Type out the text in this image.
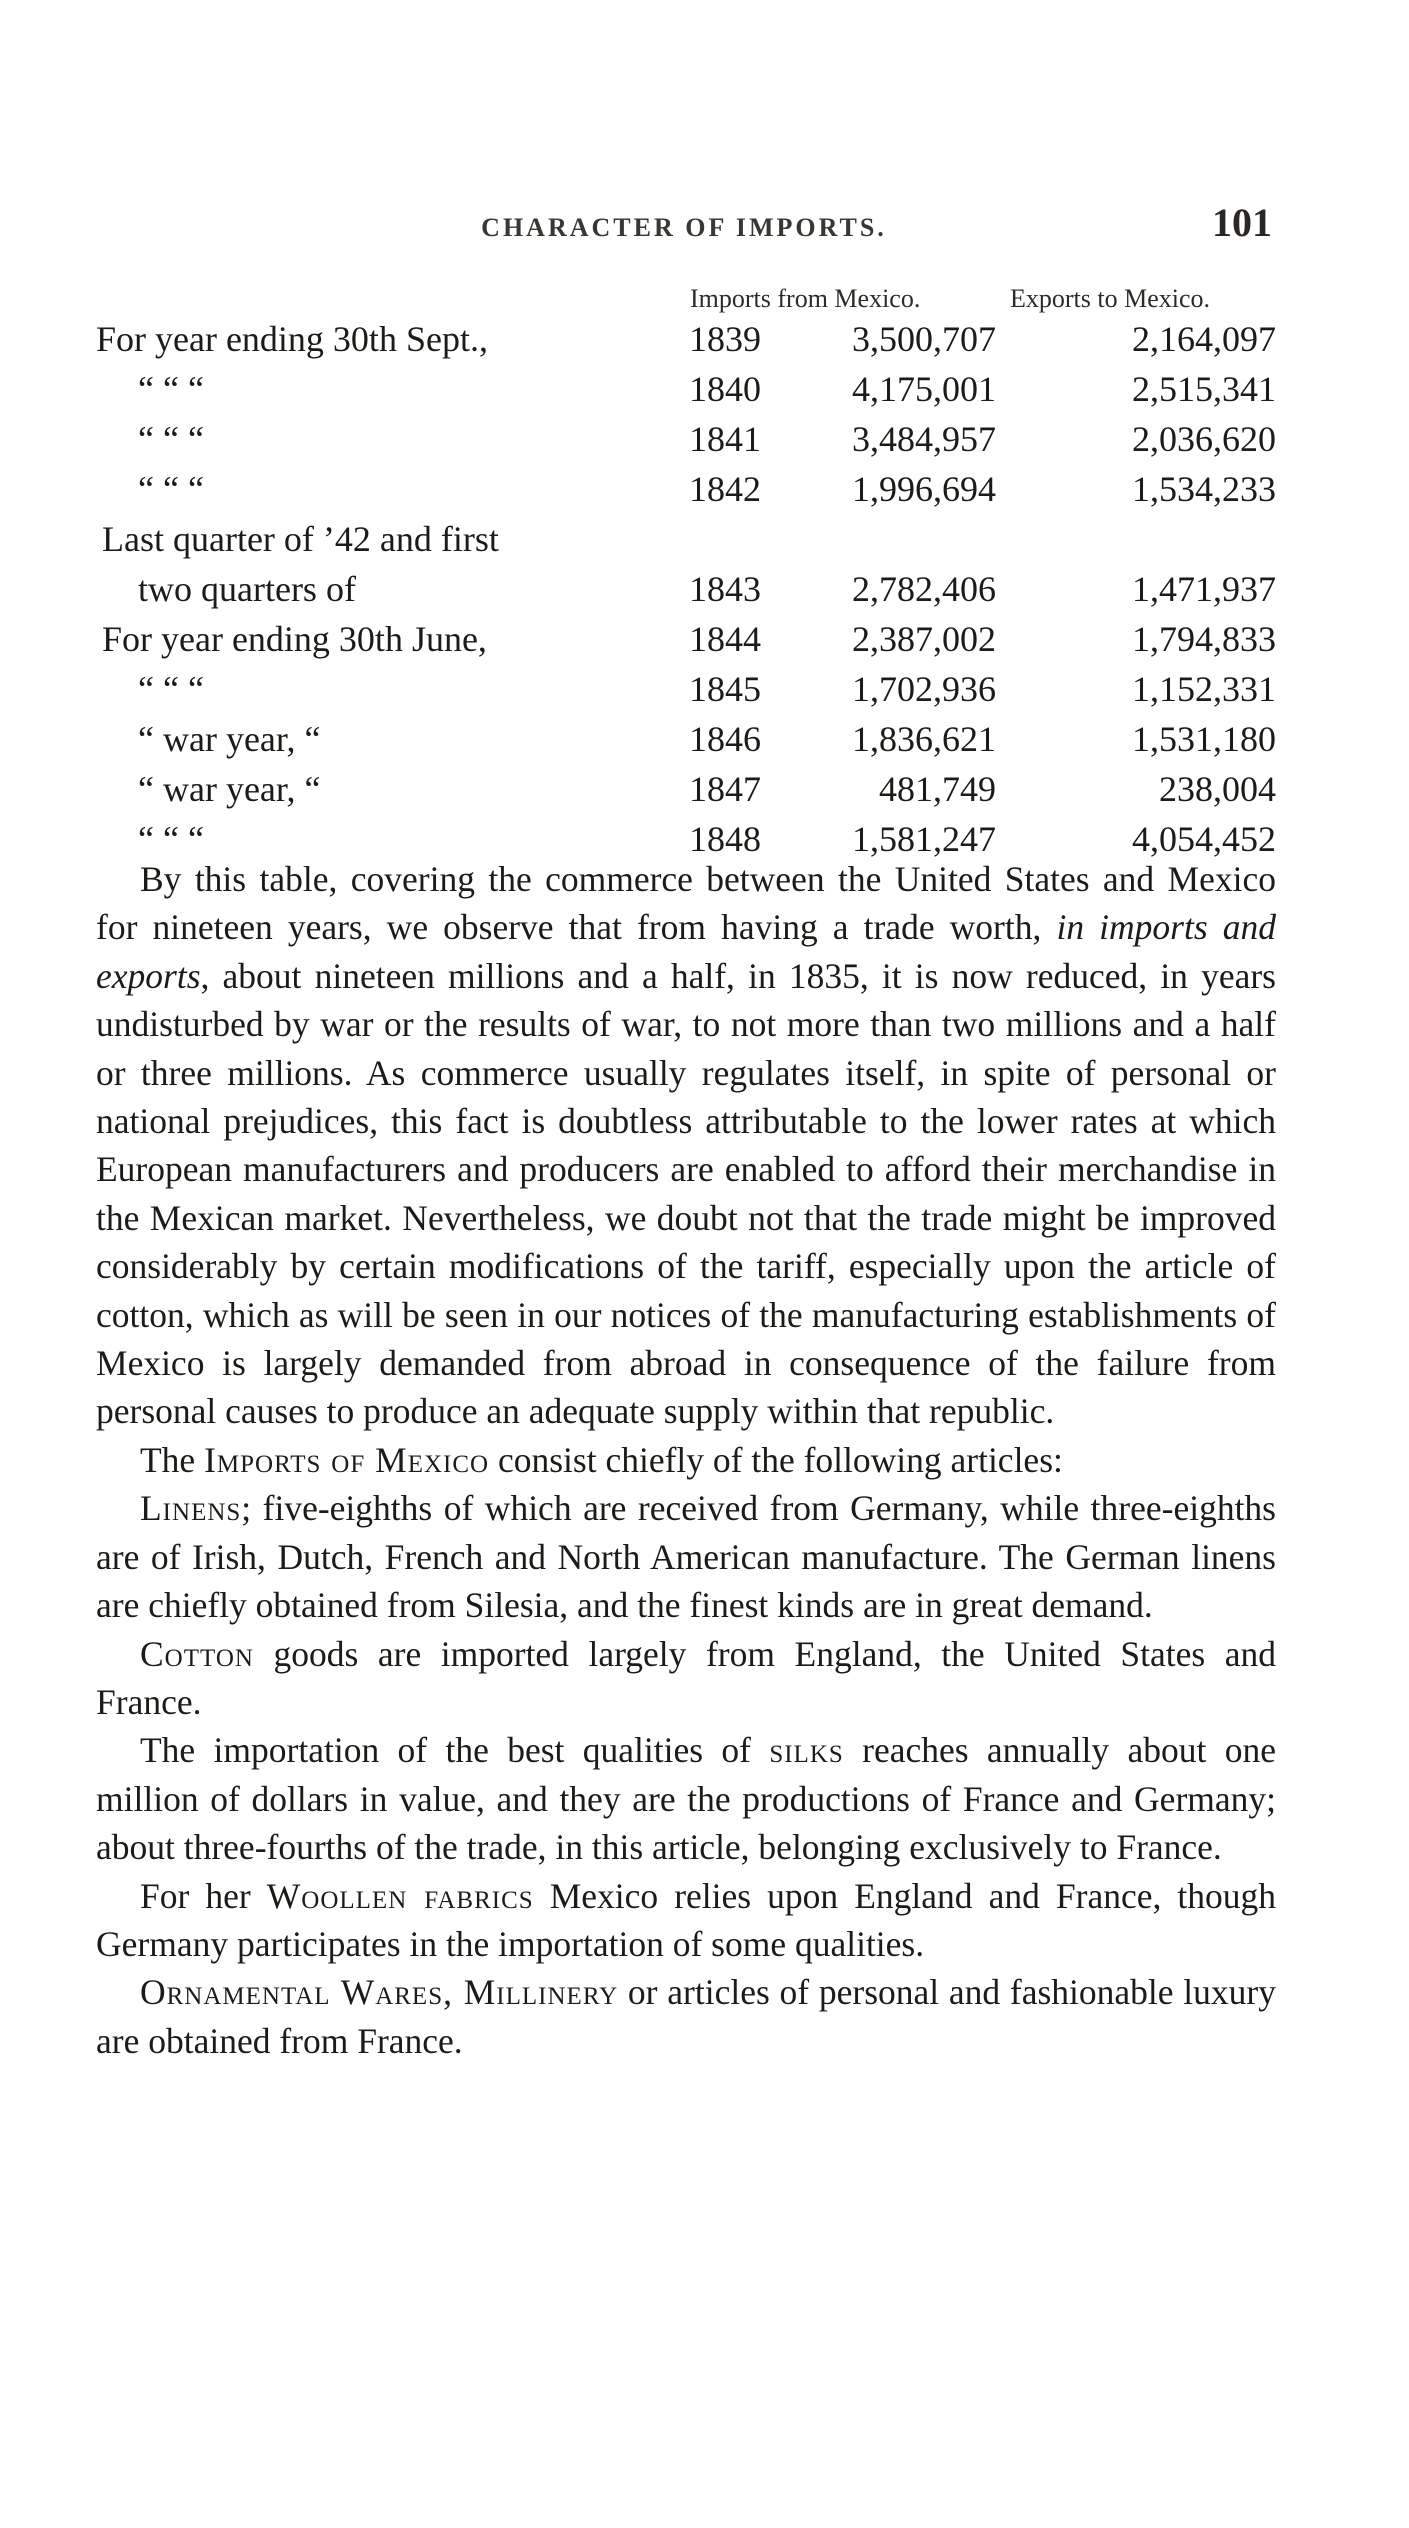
CHARACTER OF IMPORTS.	101
Imports from Mexico.	Exports to Mexico.
For year ending 30th Sept.,	1839	3,500,707	2,164,097
“ “ “	1840	4,175,001	2,515,341
“ “ “	1841	3,484,957	2,036,620
“ “ “	1842	1,996,694	1,534,233
Last quarter of ’42 and first
two quarters of	1843	2,782,406	1,471,937
For year ending 30th June,	1844	2,387,002	1,794,833
“ “ “	1845	1,702,936	1,152,331
“ war year, “	1846	1,836,621	1,531,180
“ war year, “	1847	481,749	238,004
“ “ “	1848	1,581,247	4,054,452

By this table, covering the commerce between the United States and Mexico for nineteen years, we observe that from having a trade worth, in imports and exports, about nineteen millions and a half, in 1835, it is now reduced, in years undisturbed by war or the results of war, to not more than two millions and a half or three millions. As commerce usually regulates itself, in spite of personal or national prejudices, this fact is doubtless attributable to the lower rates at which European manufacturers and producers are enabled to afford their merchandise in the Mexican market. Nevertheless, we doubt not that the trade might be improved considerably by certain modifications of the tariff, especially upon the article of cotton, which as will be seen in our notices of the manufacturing establishments of Mexico is largely demanded from abroad in consequence of the failure from personal causes to produce an adequate supply within that republic.

The Imports of Mexico consist chiefly of the following articles:

Linens; five-eighths of which are received from Germany, while three-eighths are of Irish, Dutch, French and North American manufacture. The German linens are chiefly obtained from Silesia, and the finest kinds are in great demand.

Cotton goods are imported largely from England, the United States and France.

The importation of the best qualities of silks reaches annually about one million of dollars in value, and they are the productions of France and Germany; about three-fourths of the trade, in this article, belonging exclusively to France.

For her Woollen fabrics Mexico relies upon England and France, though Germany participates in the importation of some qualities.

Ornamental Wares, Millinery or articles of personal and fashionable luxury are obtained from France.
